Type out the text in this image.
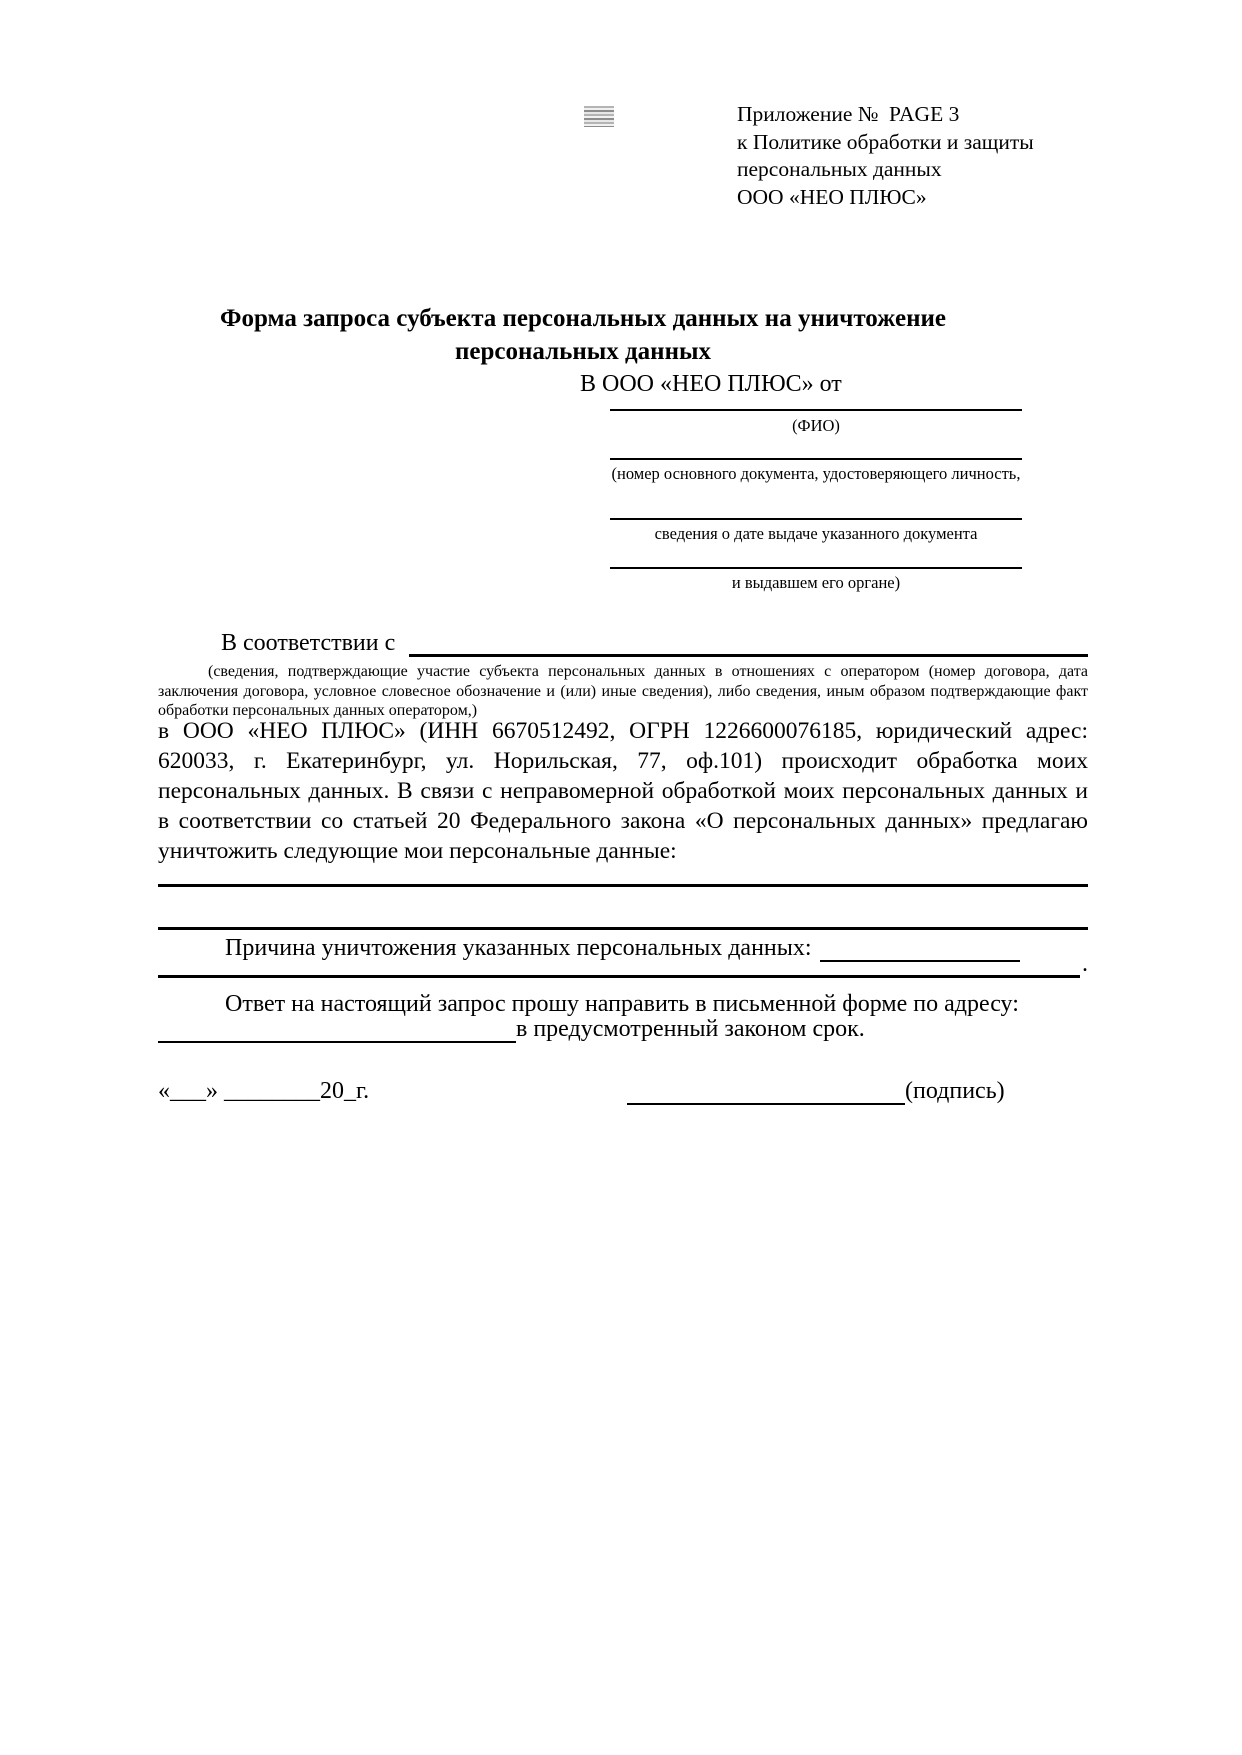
Приложение №  PAGE 3
к Политике обработки и защиты
персональных данных
ООО «НЕО ПЛЮС»
Форма запроса субъекта персональных данных на уничтожение персональных данных
В ООО «НЕО ПЛЮС» от
(ФИО)
(номер основного документа, удостоверяющего личность,
сведения о дате выдаче указанного документа
и выдавшем его органе)
В соответствии с
(сведения, подтверждающие участие субъекта персональных данных в отношениях с оператором (номер договора, дата заключения договора, условное словесное обозначение и (или) иные сведения), либо сведения, иным образом подтверждающие факт обработки персональных данных оператором,)
в ООО «НЕО ПЛЮС» (ИНН 6670512492, ОГРН 1226600076185, юридический адрес:
620033, г. Екатеринбург, ул. Норильская, 77, оф.101) происходит обработка моих
персональных данных. В связи с неправомерной обработкой моих персональных данных и
в соответствии со статьей 20 Федерального закона «О персональных данных» предлагаю
уничтожить следующие мои персональные данные:
Причина уничтожения указанных персональных данных:
.
Ответ на настоящий запрос прошу направить в письменной форме по адресу:
в предусмотренный законом срок.
«___» ________20_г.	(подпись)
